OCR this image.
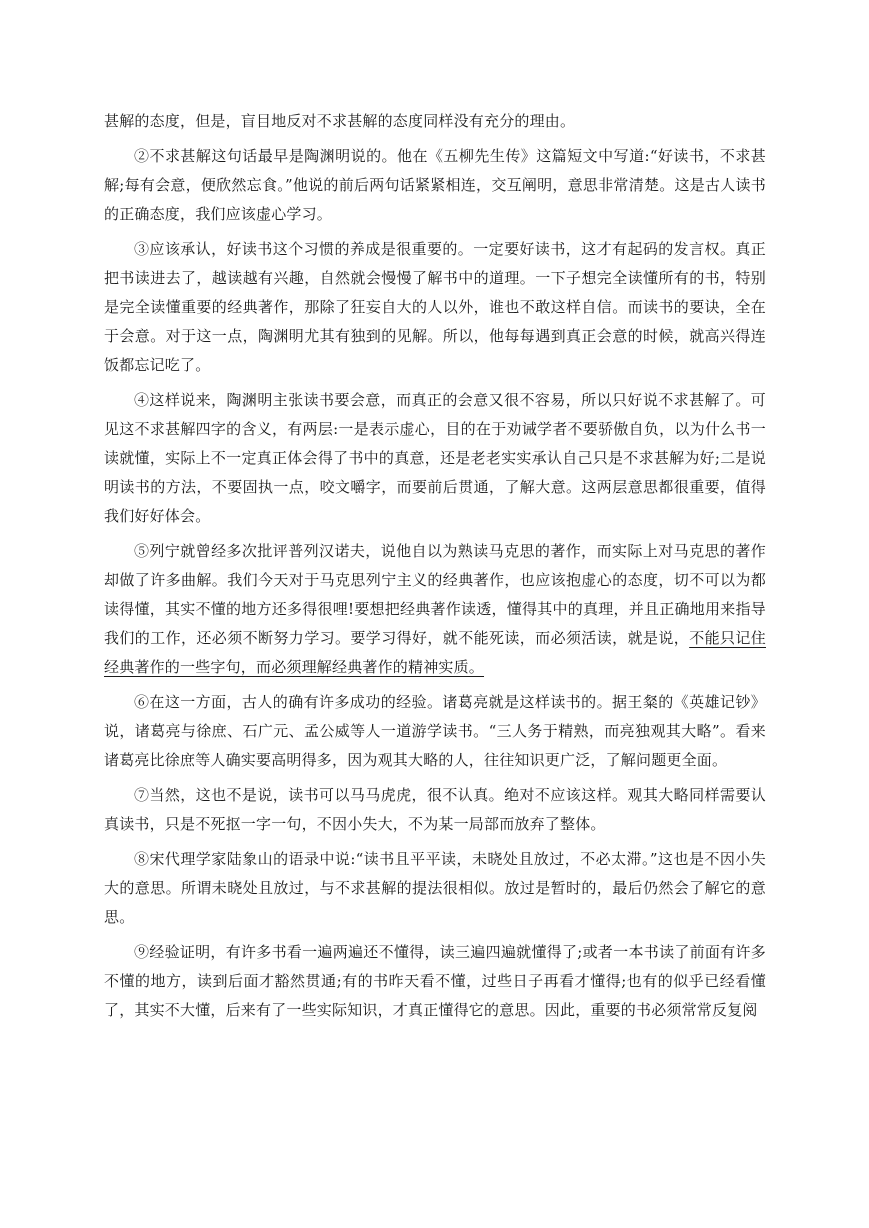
甚解的态度，但是，盲目地反对不求甚解的态度同样没有充分的理由。

②不求甚解这句话最早是陶渊明说的。他在《五柳先生传》这篇短文中写道:“好读书，不求甚解;每有会意，便欣然忘食。”他说的前后两句话紧紧相连，交互阐明，意思非常清楚。这是古人读书的正确态度，我们应该虚心学习。

③应该承认，好读书这个习惯的养成是很重要的。一定要好读书，这才有起码的发言权。真正把书读进去了，越读越有兴趣，自然就会慢慢了解书中的道理。一下子想完全读懂所有的书，特别是完全读懂重要的经典著作，那除了狂妄自大的人以外，谁也不敢这样自信。而读书的要诀，全在于会意。对于这一点，陶渊明尤其有独到的见解。所以，他每每遇到真正会意的时候，就高兴得连饭都忘记吃了。

④这样说来，陶渊明主张读书要会意，而真正的会意又很不容易，所以只好说不求甚解了。可见这不求甚解四字的含义，有两层:一是表示虚心，目的在于劝诫学者不要骄傲自负，以为什么书一读就懂，实际上不一定真正体会得了书中的真意，还是老老实实承认自己只是不求甚解为好;二是说明读书的方法，不要固执一点，咬文嚼字，而要前后贯通，了解大意。这两层意思都很重要，值得我们好好体会。

⑤列宁就曾经多次批评普列汉诺夫，说他自以为熟读马克思的著作，而实际上对马克思的著作却做了许多曲解。我们今天对于马克思列宁主义的经典著作，也应该抱虚心的态度，切不可以为都读得懂，其实不懂的地方还多得很哩!要想把经典著作读透，懂得其中的真理，并且正确地用来指导我们的工作，还必须不断努力学习。要学习得好，就不能死读，而必须活读，就是说，不能只记住经典著作的一些字句，而必须理解经典著作的精神实质。

⑥在这一方面，古人的确有许多成功的经验。诸葛亮就是这样读书的。据王粲的《英雄记钞》说，诸葛亮与徐庶、石广元、孟公威等人一道游学读书。“三人务于精熟，而亮独观其大略”。看来诸葛亮比徐庶等人确实要高明得多，因为观其大略的人，往往知识更广泛，了解问题更全面。

⑦当然，这也不是说，读书可以马马虎虎，很不认真。绝对不应该这样。观其大略同样需要认真读书，只是不死抠一字一句，不因小失大，不为某一局部而放弃了整体。

⑧宋代理学家陆象山的语录中说:“读书且平平读，未晓处且放过，不必太滞。”这也是不因小失大的意思。所谓未晓处且放过，与不求甚解的提法很相似。放过是暂时的，最后仍然会了解它的意思。

⑨经验证明，有许多书看一遍两遍还不懂得，读三遍四遍就懂得了;或者一本书读了前面有许多不懂的地方，读到后面才豁然贯通;有的书昨天看不懂，过些日子再看才懂得;也有的似乎已经看懂了，其实不大懂，后来有了一些实际知识，才真正懂得它的意思。因此，重要的书必须常常反复阅
